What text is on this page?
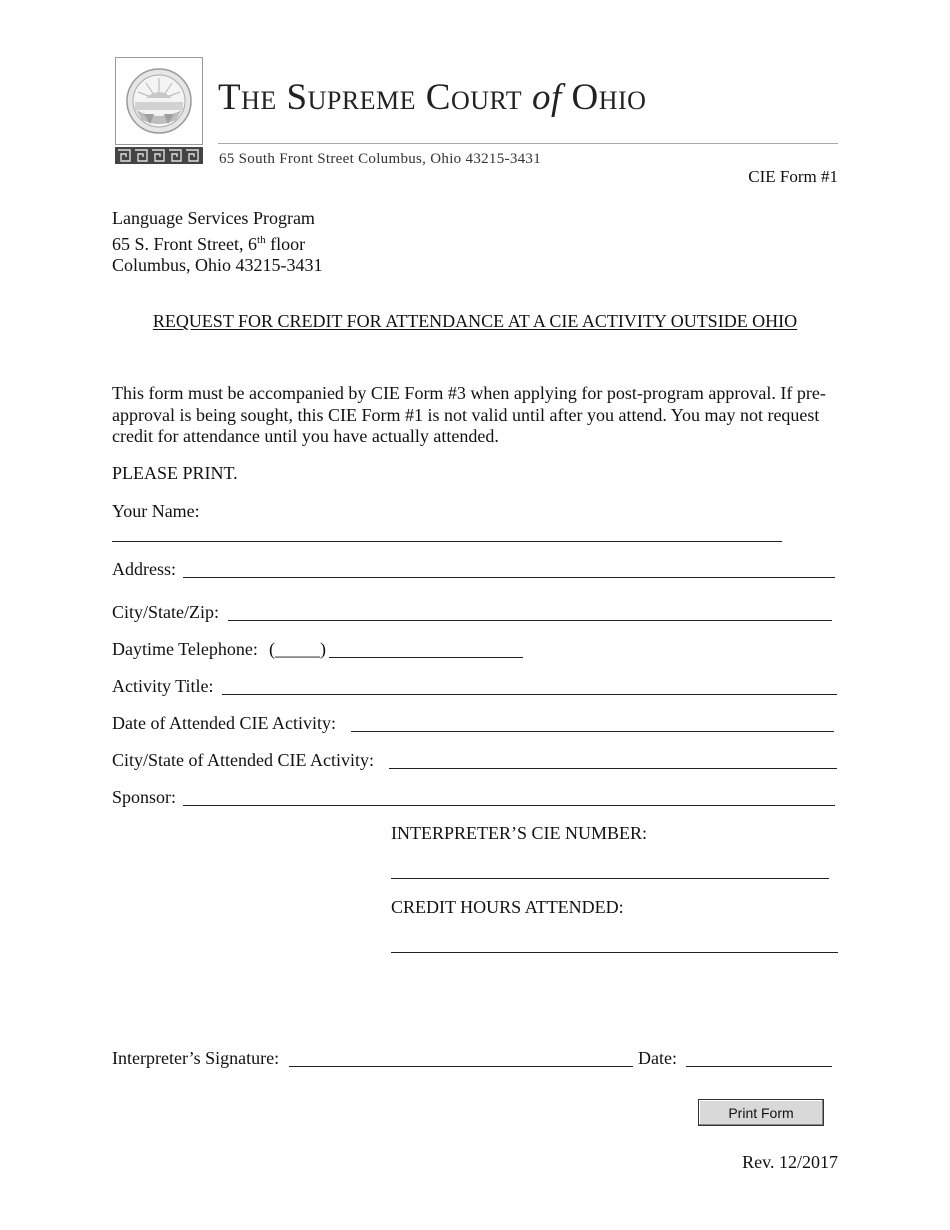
The Supreme Court of Ohio
65 South Front Street Columbus, Ohio 43215-3431
CIE Form #1
Language Services Program
65 S. Front Street, 6th floor
Columbus, Ohio 43215-3431
REQUEST FOR CREDIT FOR ATTENDANCE AT A CIE ACTIVITY OUTSIDE OHIO
This form must be accompanied by CIE Form #3 when applying for post-program approval. If pre-approval is being sought, this CIE Form #1 is not valid until after you attend. You may not request credit for attendance until you have actually attended.
PLEASE PRINT.
Your Name:
Address:
City/State/Zip:
Daytime Telephone: (_____)
Activity Title:
Date of Attended CIE Activity:
City/State of Attended CIE Activity:
Sponsor:
INTERPRETER’S CIE NUMBER:
CREDIT HOURS ATTENDED:
Interpreter’s Signature:	Date:
Print Form
Rev. 12/2017
